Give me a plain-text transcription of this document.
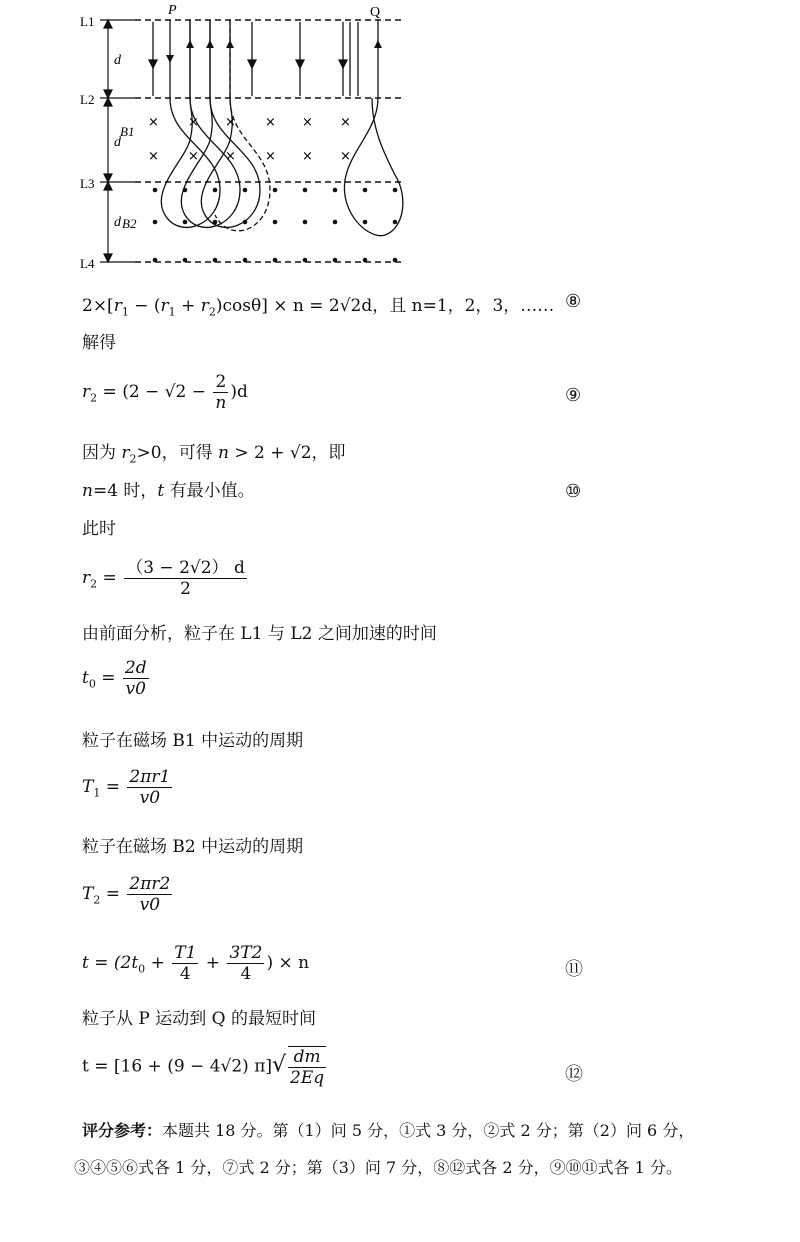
L1
L2
L3
L4
d
d
d
B1
B2
P	Q
× × × × × ×
× × × × × ×
$2\times[r_1 - (r_1 + r_2)\cos\theta] \times n = 2√2d$，且 n=1，2，3，…… ⑧
解得
$r_2 = (2 - √2 - \frac{2}{n} )d$	⑨
因为 $r_2>0$，可得 n > 2 + √2，即
n=4 时，t 有最小值。	⑩
此时
$r_2 = \frac{(3 - 2√2) d}{2}$
由前面分析，粒子在 L1 与 L2 之间加速的时间
$t_0 = \frac{2d}{v0}$
粒子在磁场 B1 中运动的周期
$T_1 = \frac{2\pi r1}{v0}$
粒子在磁场 B2 中运动的周期
$T_2 = \frac{2\pi r2}{v0}$
$t = (2t_0 + \frac{T1}{4} + \frac{3T2}{4}$ ) × n	⑪
粒子从 P 运动到 Q 的最短时间
t = [16 + (9 − 4√2) $\pi]√ \frac{dm}{2Eq}$	⑫
评分参考：本题共 18 分。第（1）问 5 分，①式 3 分，②式 2 分；第（2）问 6 分，
③④⑤⑥式各 1 分，⑦式 2 分；第（3）问 7 分，⑧⑫式各 2 分，⑨⑩⑪式各 1 分。
